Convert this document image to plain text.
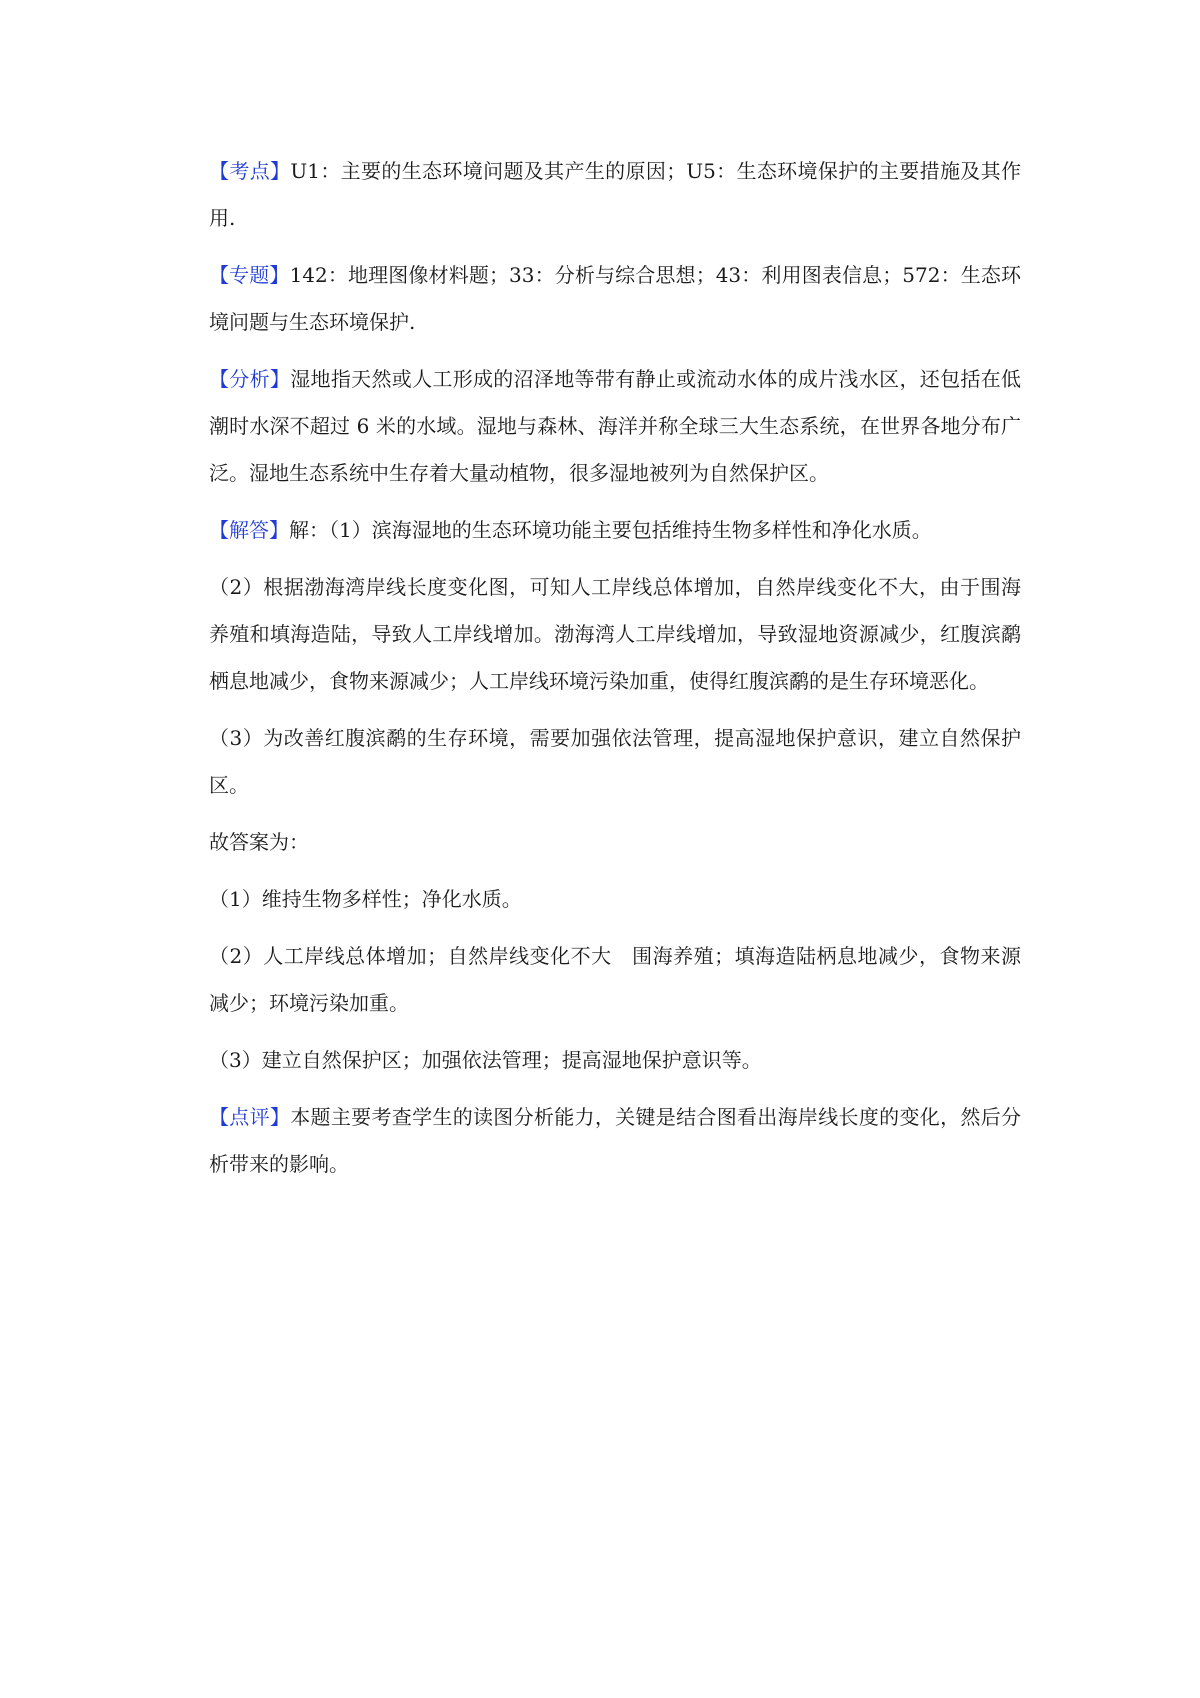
【考点】U1：主要的生态环境问题及其产生的原因；U5：生态环境保护的主要措施及其作用.

【专题】142：地理图像材料题；33：分析与综合思想；43：利用图表信息；572：生态环境问题与生态环境保护.

【分析】湿地指天然或人工形成的沼泽地等带有静止或流动水体的成片浅水区，还包括在低潮时水深不超过 6 米的水域。湿地与森林、海洋并称全球三大生态系统，在世界各地分布广泛。湿地生态系统中生存着大量动植物，很多湿地被列为自然保护区。

【解答】解：（1）滨海湿地的生态环境功能主要包括维持生物多样性和净化水质。

（2）根据渤海湾岸线长度变化图，可知人工岸线总体增加，自然岸线变化不大，由于围海养殖和填海造陆，导致人工岸线增加。渤海湾人工岸线增加，导致湿地资源减少，红腹滨鹬栖息地减少，食物来源减少；人工岸线环境污染加重，使得红腹滨鹬的是生存环境恶化。

（3）为改善红腹滨鹬的生存环境，需要加强依法管理，提高湿地保护意识，建立自然保护区。

故答案为：

（1）维持生物多样性；净化水质。

（2）人工岸线总体增加；自然岸线变化不大　围海养殖；填海造陆柄息地减少，食物来源减少；环境污染加重。

（3）建立自然保护区；加强依法管理；提高湿地保护意识等。

【点评】本题主要考查学生的读图分析能力，关键是结合图看出海岸线长度的变化，然后分析带来的影响。
